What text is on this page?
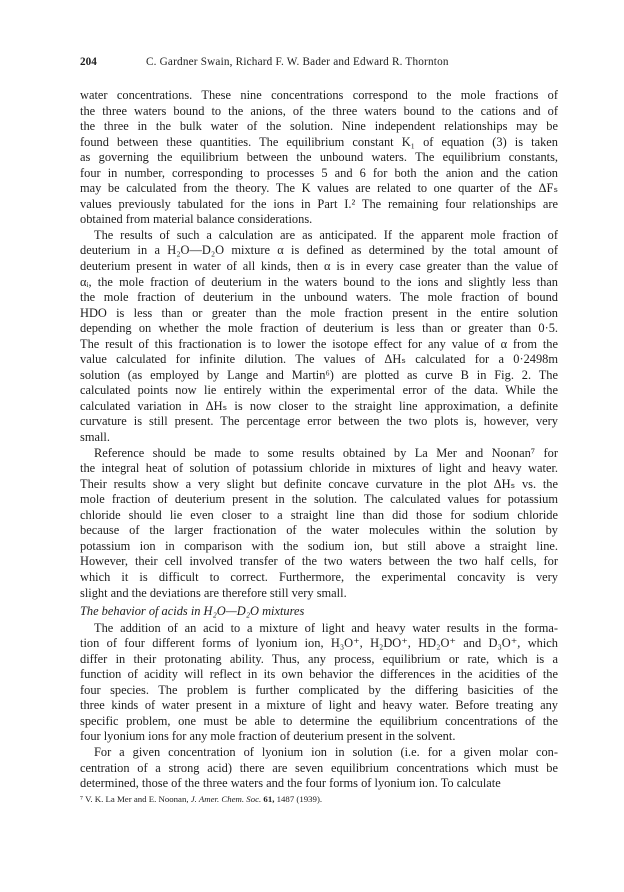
204	C. Gardner Swain, Richard F. W. Bader and Edward R. Thornton
water concentrations. These nine concentrations correspond to the mole fractions of
the three waters bound to the anions, of the three waters bound to the cations and of
the three in the bulk water of the solution. Nine independent relationships may be
found between these quantities. The equilibrium constant K₁ of equation (3) is taken
as governing the equilibrium between the unbound waters. The equilibrium constants,
four in number, corresponding to processes 5 and 6 for both the anion and the cation
may be calculated from the theory. The K values are related to one quarter of the ΔFₛ
values previously tabulated for the ions in Part I.² The remaining four relationships are
obtained from material balance considerations.
The results of such a calculation are as anticipated. If the apparent mole fraction of
deuterium in a H₂O—D₂O mixture α is defined as determined by the total amount of
deuterium present in water of all kinds, then α is in every case greater than the value of
αᵢ, the mole fraction of deuterium in the waters bound to the ions and slightly less than
the mole fraction of deuterium in the unbound waters. The mole fraction of bound
HDO is less than or greater than the mole fraction present in the entire solution
depending on whether the mole fraction of deuterium is less than or greater than 0·5.
The result of this fractionation is to lower the isotope effect for any value of α from the
value calculated for infinite dilution. The values of ΔHₛ calculated for a 0·2498m
solution (as employed by Lange and Martin⁶) are plotted as curve B in Fig. 2. The
calculated points now lie entirely within the experimental error of the data. While the
calculated variation in ΔHₛ is now closer to the straight line approximation, a definite
curvature is still present. The percentage error between the two plots is, however, very
small.
Reference should be made to some results obtained by La Mer and Noonan⁷ for
the integral heat of solution of potassium chloride in mixtures of light and heavy water.
Their results show a very slight but definite concave curvature in the plot ΔHₛ vs. the
mole fraction of deuterium present in the solution. The calculated values for potassium
chloride should lie even closer to a straight line than did those for sodium chloride
because of the larger fractionation of the water molecules within the solution by
potassium ion in comparison with the sodium ion, but still above a straight line.
However, their cell involved transfer of the two waters between the two half cells, for
which it is difficult to correct. Furthermore, the experimental concavity is very
slight and the deviations are therefore still very small.
The behavior of acids in H₂O—D₂O mixtures
The addition of an acid to a mixture of light and heavy water results in the forma-
tion of four different forms of lyonium ion, H₃O⁺, H₂DO⁺, HD₂O⁺ and D₃O⁺, which
differ in their protonating ability. Thus, any process, equilibrium or rate, which is a
function of acidity will reflect in its own behavior the differences in the acidities of the
four species. The problem is further complicated by the differing basicities of the
three kinds of water present in a mixture of light and heavy water. Before treating any
specific problem, one must be able to determine the equilibrium concentrations of the
four lyonium ions for any mole fraction of deuterium present in the solvent.
For a given concentration of lyonium ion in solution (i.e. for a given molar con-
centration of a strong acid) there are seven equilibrium concentrations which must be
determined, those of the three waters and the four forms of lyonium ion. To calculate
⁷ V. K. La Mer and E. Noonan, J. Amer. Chem. Soc. 61, 1487 (1939).
